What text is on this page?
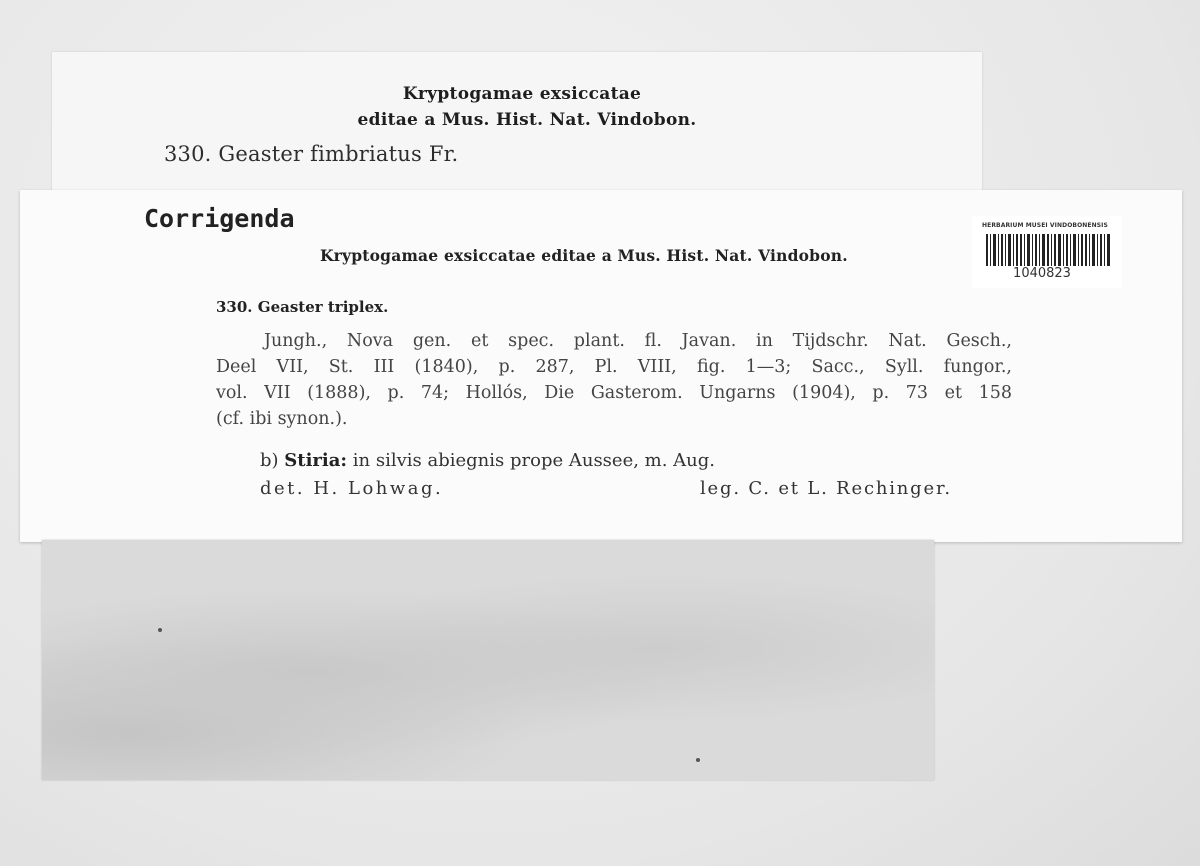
Kryptogamae exsiccatae
editae a Mus. Hist. Nat. Vindobon.
330. Geaster fimbriatus Fr.
Corrigenda
Kryptogamae exsiccatae editae a Mus. Hist. Nat. Vindobon.
330. Geaster triplex.
Jungh., Nova gen. et spec. plant. fl. Javan. in Tijdschr. Nat. Gesch.,
Deel VII, St. III (1840), p. 287, Pl. VIII, fig. 1—3; Sacc., Syll. fungor.,
vol. VII (1888), p. 74; Hollós, Die Gasterom. Ungarns (1904), p. 73 et 158
(cf. ibi synon.).
b) Stiria: in silvis abiegnis prope Aussee, m. Aug.
det. H. Lohwag.	leg. C. et L. Rechinger.
HERBARIUM MUSEI VINDOBONENSIS
1040823
